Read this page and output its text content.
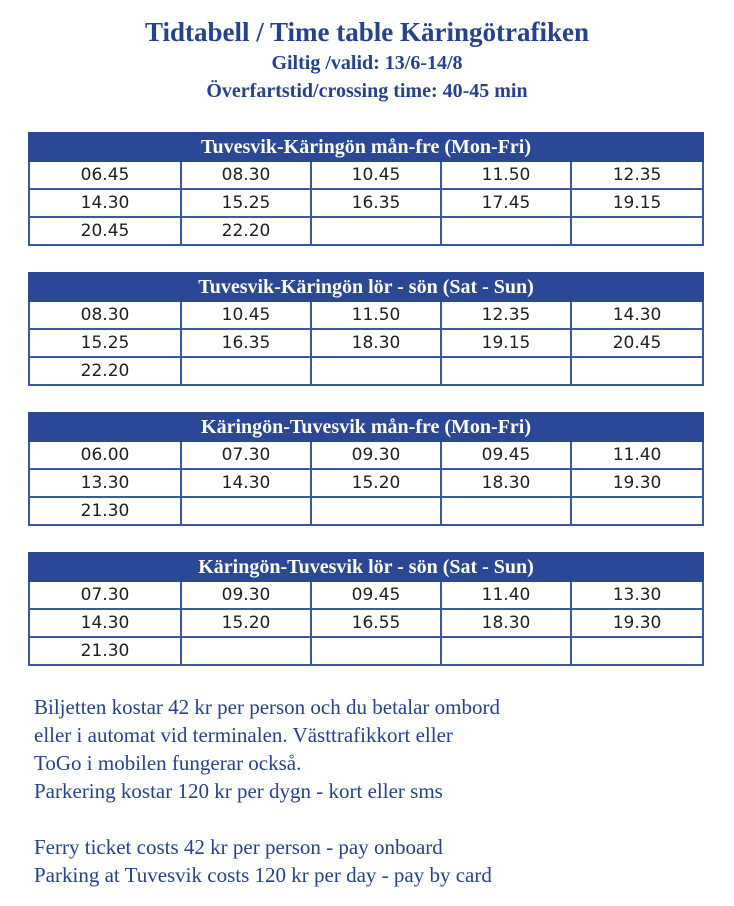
Tidtabell / Time table Käringötrafiken
Giltig /valid: 13/6-14/8
Överfartstid/crossing time: 40-45 min
Tuvesvik-Käringön mån-fre (Mon-Fri)				
06.45	08.30	10.45	11.50	12.35
14.30	15.25	16.35	17.45	19.15
20.45	22.20			
Tuvesvik-Käringön lör - sön (Sat - Sun)				
08.30	10.45	11.50	12.35	14.30
15.25	16.35	18.30	19.15	20.45
22.20				
Käringön-Tuvesvik mån-fre (Mon-Fri)				
06.00	07.30	09.30	09.45	11.40
13.30	14.30	15.20	18.30	19.30
21.30				
Käringön-Tuvesvik lör - sön (Sat - Sun)				
07.30	09.30	09.45	11.40	13.30
14.30	15.20	16.55	18.30	19.30
21.30				

Biljetten kostar 42 kr per person och du betalar ombord

eller i automat vid terminalen. Västtrafikkort eller

ToGo i mobilen fungerar också.

Parkering kostar 120 kr per dygn - kort eller sms

Ferry ticket costs 42 kr per person - pay onboard

Parking at Tuvesvik costs 120 kr per day - pay by card
